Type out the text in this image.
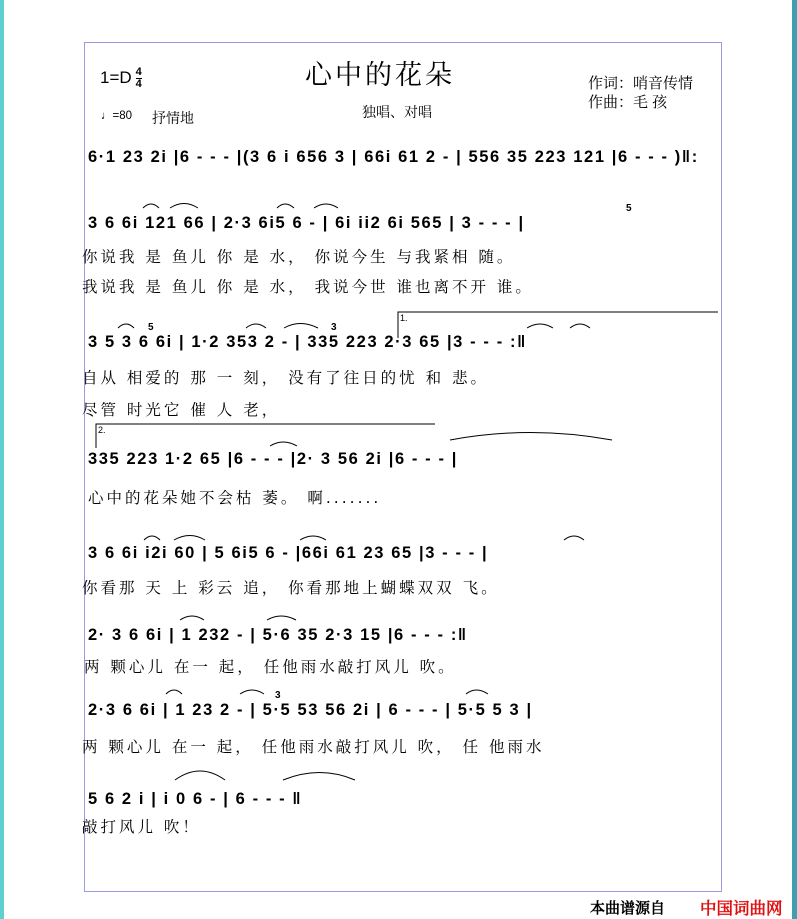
$1=D \frac{4}{4}$	心中的花朵	作词：哨音传情
作曲：毛 孩
♩=80 抒情地	独唱、对唱
6·1 23 2i |6 - - - |(3 6 i 656 3 | 66i 61 2 - | 556 35 223 121 |6 - - - )‖:
3 6 6i 121 66 | 2·3 6i5 6 - | 6i ii2 6i 565 | 3 - - - |
你说我 是 鱼儿 你 是 水， 你说今生 与我紧相 随。
我说我 是 鱼儿 你 是 水， 我说今世 谁也离不开 谁。
3 5 3 6 6i | 1·2 353 2 - | 335 223 2·3 65 |3 - - - :‖
自从 相爱的 那 一 刻， 没有了往日的忧 和 悲。
尽管 时光它 催 人 老，
335 223 1·2 65 |6 - - - |2· 3 56 2i |6 - - - |
心中的花朵她不会枯 萎。 啊.......
3 6 6i i2i 60 | 5 6i5 6 - |66i 61 23 65 |3 - - - |
你看那 天 上 彩云 追， 你看那地上蝴蝶双双 飞。
2· 3 6 6i | 1 232 - | 5·6 35 2·3 15 |6 - - - :‖
两 颗心儿 在一 起， 任他雨水敲打风儿 吹。
2·3 6 6i | 1 23 2 - | 5·5 53 56 2i | 6 - - - | 5·5 5 3 |
两 颗心儿 在一 起， 任他雨水敲打风儿 吹， 任 他雨水
5 6 2 i | i 0 6 - | 6 - - - ‖
敲打风儿 吹！
1.
2.
5
5	3
3
本曲谱源自 中国词曲网
